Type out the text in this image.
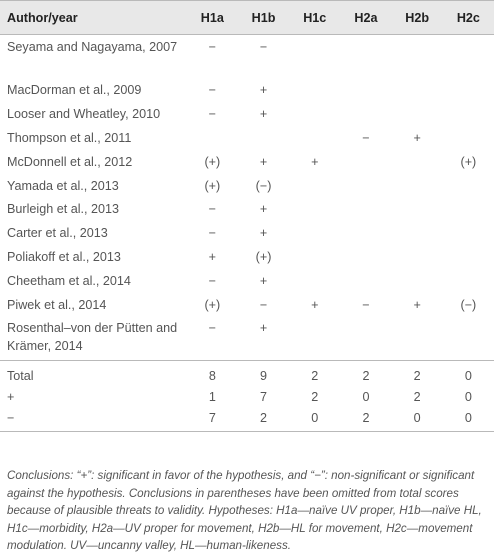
Author/year	H1a	H1b	H1c	H2a	H2b	H2c
Seyama and Nagayama, 2007	−	−				
MacDorman et al., 2009	−	+				
Looser and Wheatley, 2010	−	+				
Thompson et al., 2011				−	+	
McDonnell et al., 2012	(+)	+	+			(+)
Yamada et al., 2013	(+)	(−)				
Burleigh et al., 2013	−	+				
Carter et al., 2013	−	+				
Poliakoff et al., 2013	+	(+)				
Cheetham et al., 2014	−	+				
Piwek et al., 2014	(+)	−	+	−	+	(−)
Rosenthal–von der Pütten and Krämer, 2014	−	+				
Total	8	9	2	2	2	0
+	1	7	2	0	2	0
−	7	2	0	2	0	0
Conclusions: “+”: significant in favor of the hypothesis, and “−”: non-significant or significant against the hypothesis. Conclusions in parentheses have been omitted from total scores because of plausible threats to validity. Hypotheses: H1a—naïve UV proper, H1b—naïve HL, H1c—morbidity, H2a—UV proper for movement, H2b—HL for movement, H2c—movement modulation. UV—uncanny valley, HL—human-likeness.
